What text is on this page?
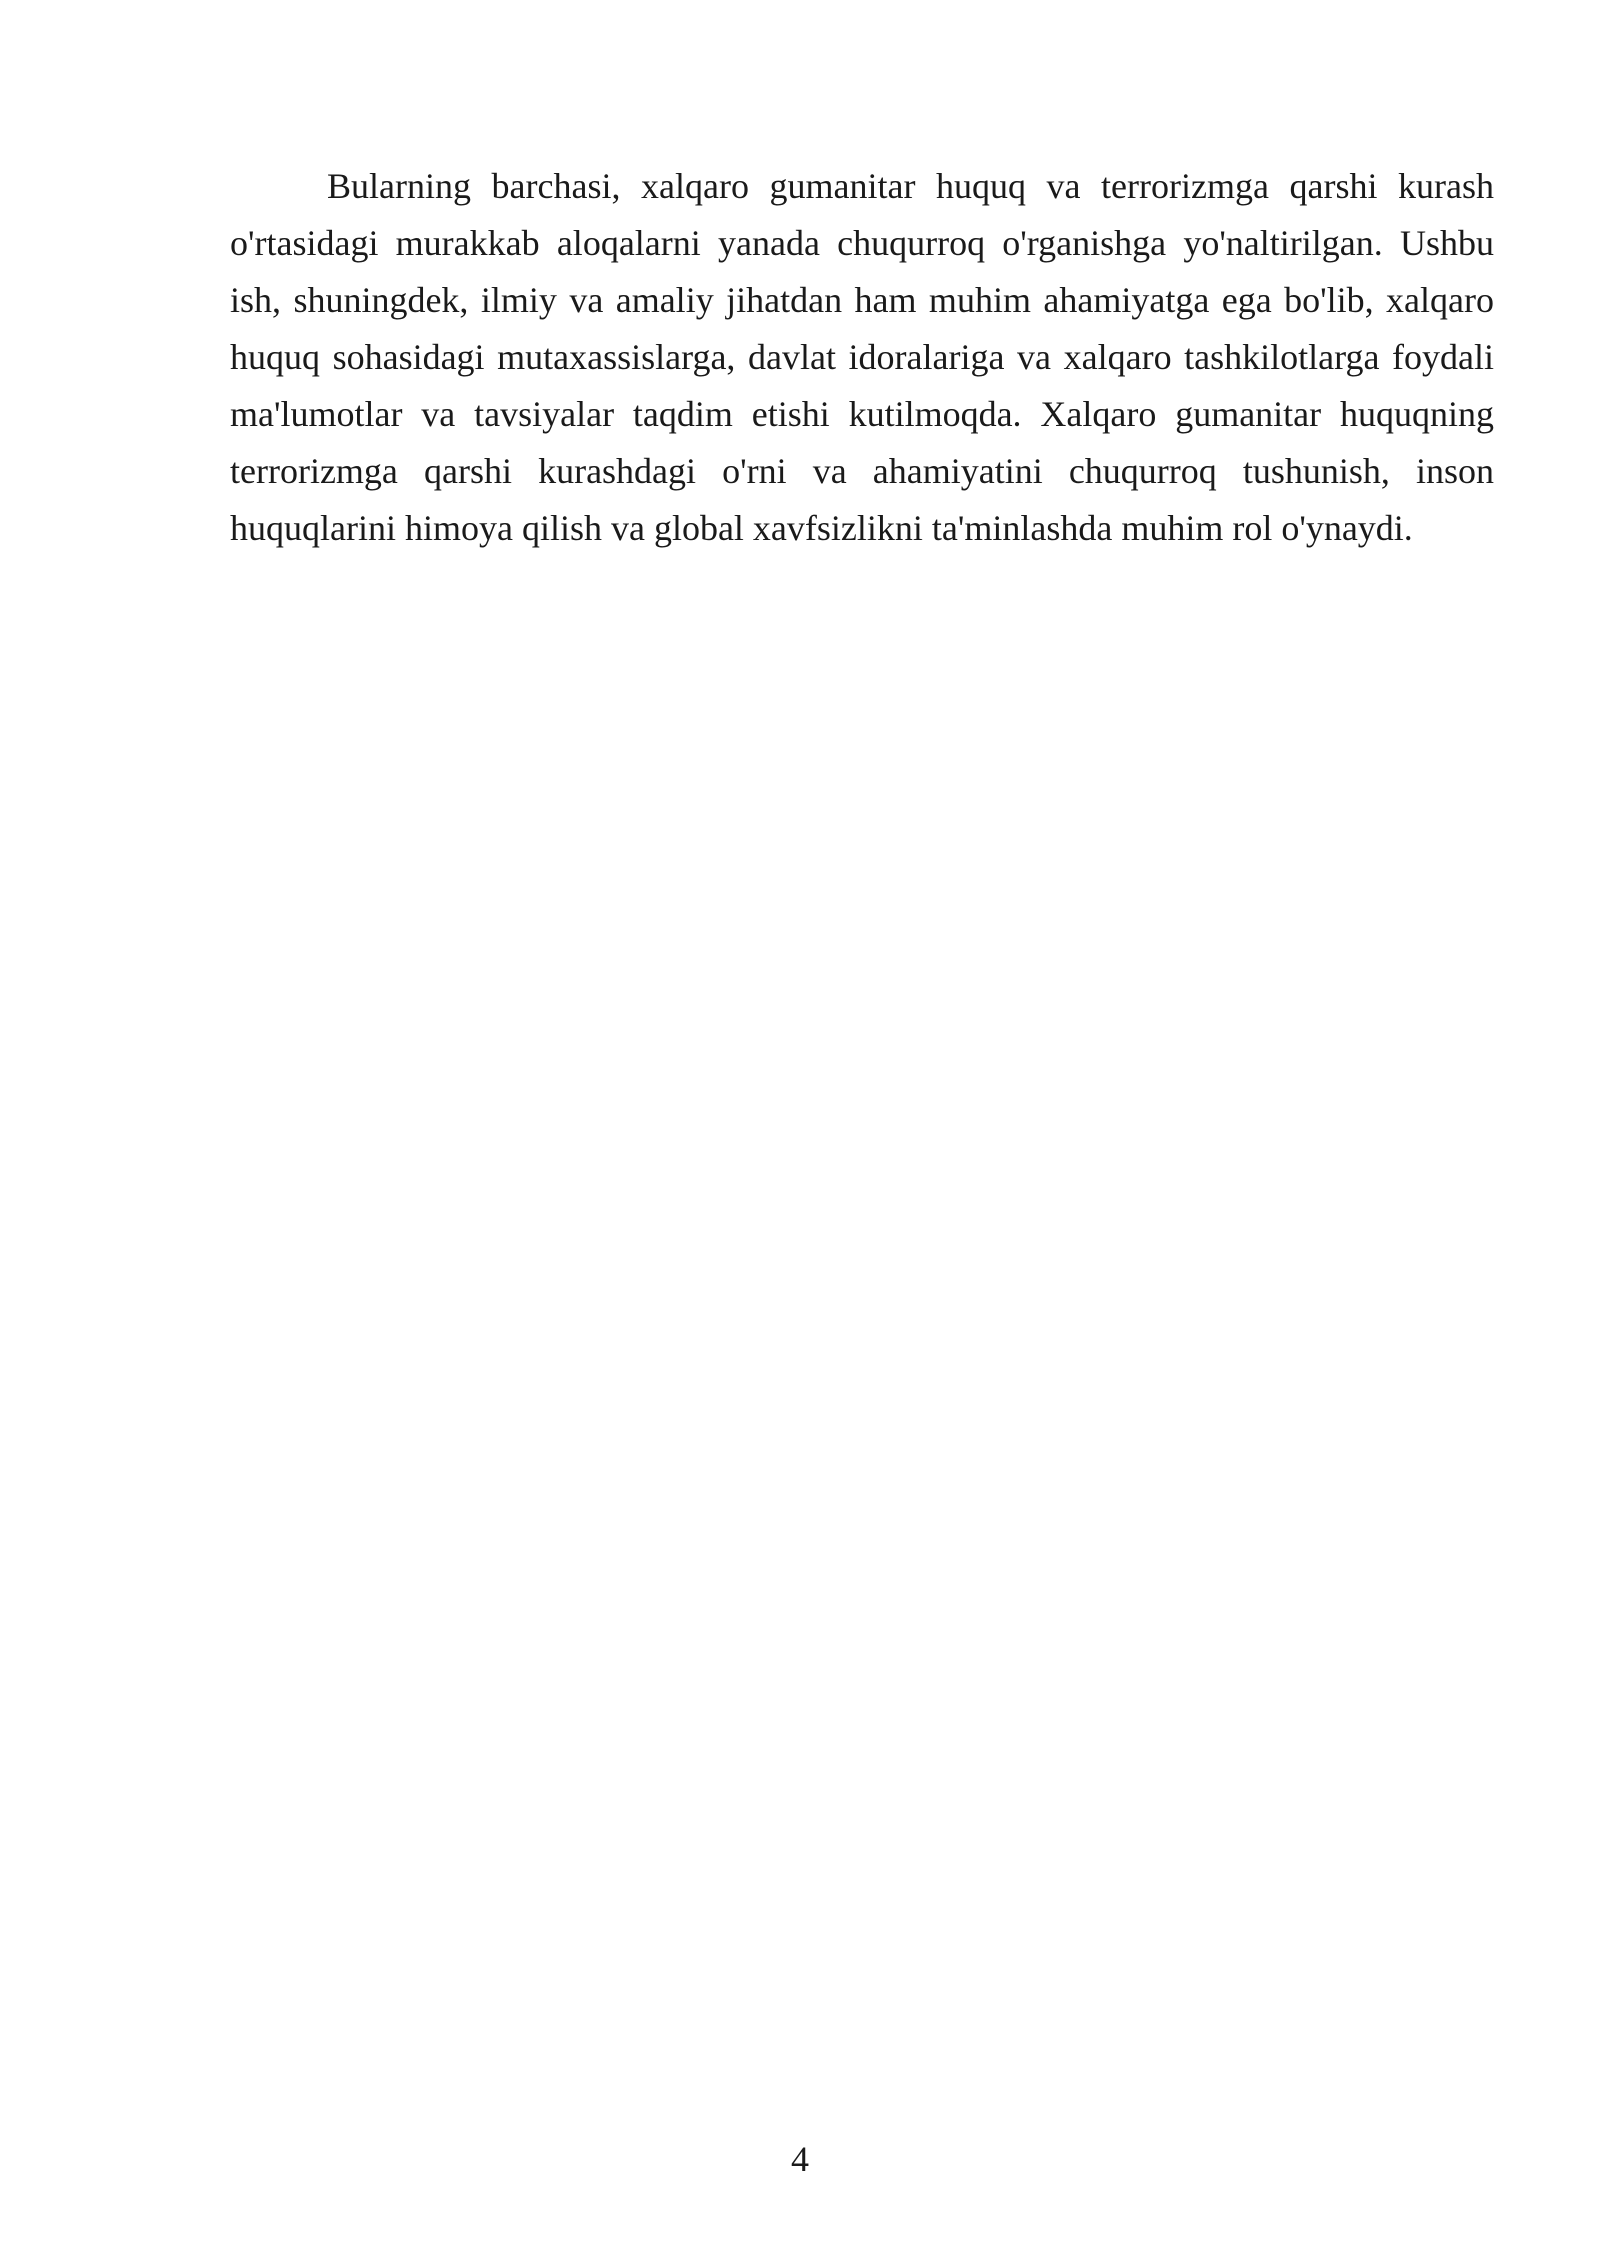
Bularning barchasi, xalqaro gumanitar huquq va terrorizmga qarshi kurash o'rtasidagi murakkab aloqalarni yanada chuqurroq o'rganishga yo'naltirilgan. Ushbu ish, shuningdek, ilmiy va amaliy jihatdan ham muhim ahamiyatga ega bo'lib, xalqaro huquq sohasidagi mutaxassislarga, davlat idoralariga va xalqaro tashkilotlarga foydali ma'lumotlar va tavsiyalar taqdim etishi kutilmoqda. Xalqaro gumanitar huquqning terrorizmga qarshi kurashdagi o'rni va ahamiyatini chuqurroq tushunish, inson huquqlarini himoya qilish va global xavfsizlikni ta'minlashda muhim rol o'ynaydi.

4
